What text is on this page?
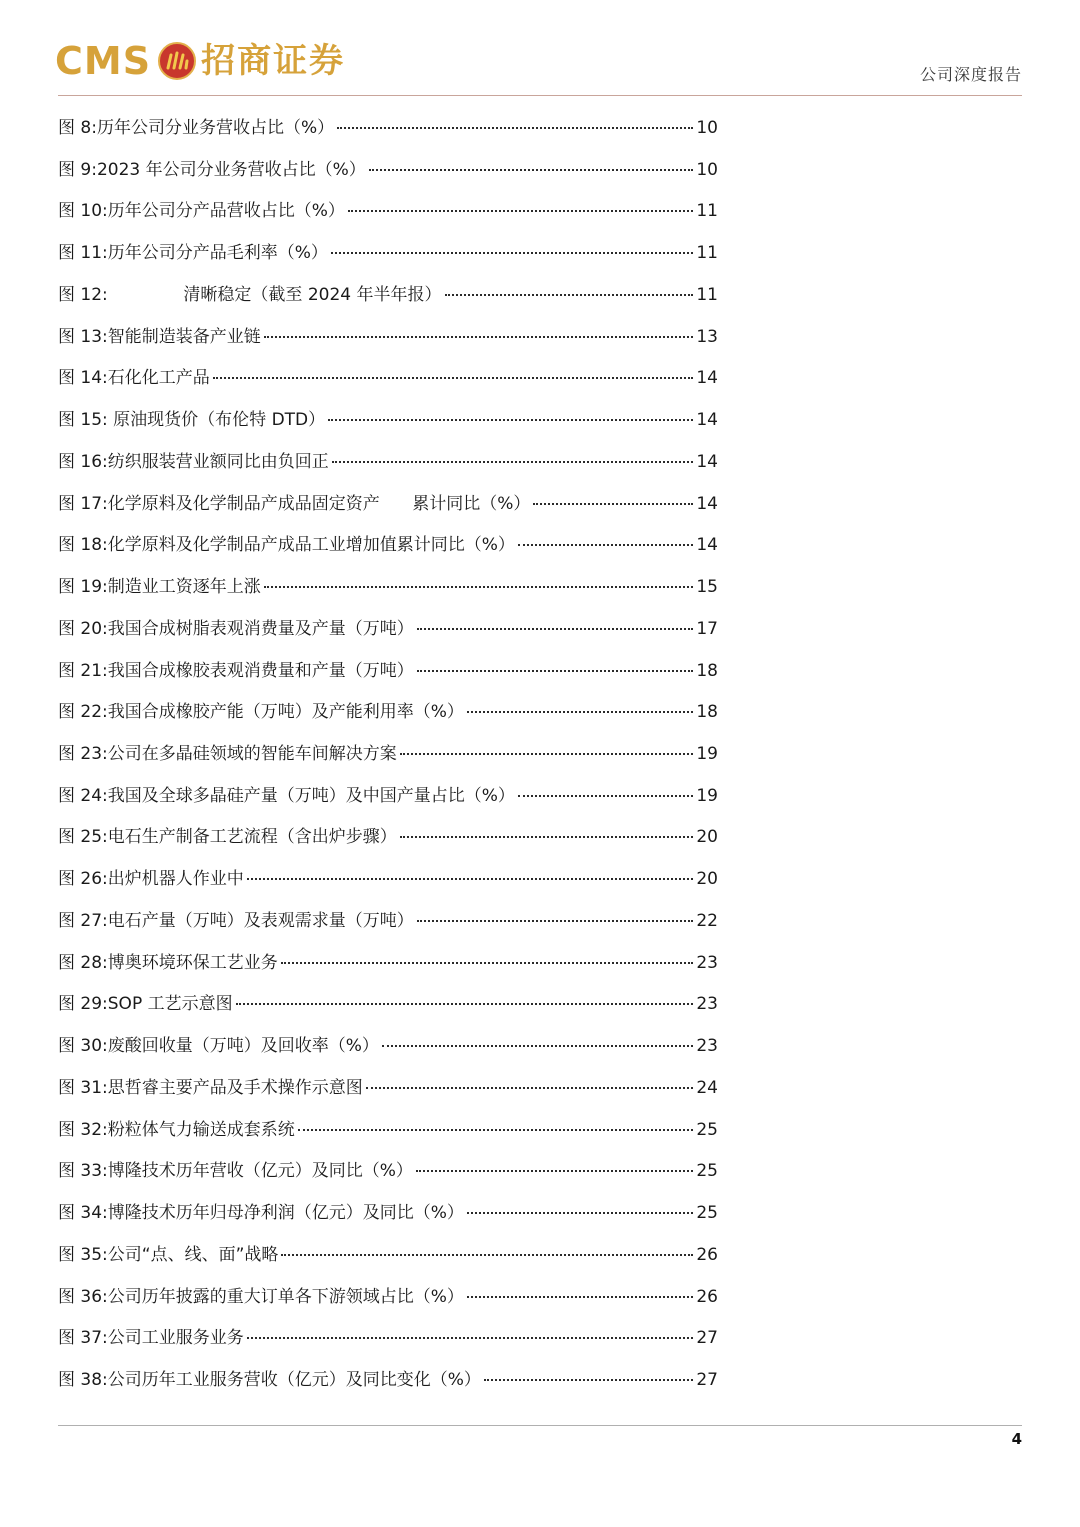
CMS 招商证券	公司深度报告
图 8: 历年公司分业务营收占比（%）	10
图 9: 2023 年公司分业务营收占比（%）	10
图 10: 历年公司分产品营收占比（%）	11
图 11: 历年公司分产品毛利率（%）	11
图 12: 清晰稳定（截至 2024 年半年报）	11
图 13: 智能制造装备产业链	13
图 14: 石化化工产品	14
图 15: 原油现货价（布伦特 DTD）	14
图 16: 纺织服装营业额同比由负回正	14
图 17: 化学原料及化学制品产成品固定资产      累计同比（%）	14
图 18: 化学原料及化学制品产成品工业增加值累计同比（%）	14
图 19: 制造业工资逐年上涨	15
图 20: 我国合成树脂表观消费量及产量（万吨）	17
图 21: 我国合成橡胶表观消费量和产量（万吨）	18
图 22: 我国合成橡胶产能（万吨）及产能利用率（%）	18
图 23: 公司在多晶硅领域的智能车间解决方案	19
图 24: 我国及全球多晶硅产量（万吨）及中国产量占比（%）	19
图 25: 电石生产制备工艺流程（含出炉步骤）	20
图 26: 出炉机器人作业中	20
图 27: 电石产量（万吨）及表观需求量（万吨）	22
图 28: 博奥环境环保工艺业务	23
图 29: SOP 工艺示意图	23
图 30: 废酸回收量（万吨）及回收率（%）	23
图 31: 思哲睿主要产品及手术操作示意图	24
图 32: 粉粒体气力输送成套系统	25
图 33: 博隆技术历年营收（亿元）及同比（%）	25
图 34: 博隆技术历年归母净利润（亿元）及同比（%）	25
图 35: 公司“点、线、面”战略	26
图 36: 公司历年披露的重大订单各下游领域占比（%）	26
图 37: 公司工业服务业务	27
图 38: 公司历年工业服务营收（亿元）及同比变化（%）	27
4
